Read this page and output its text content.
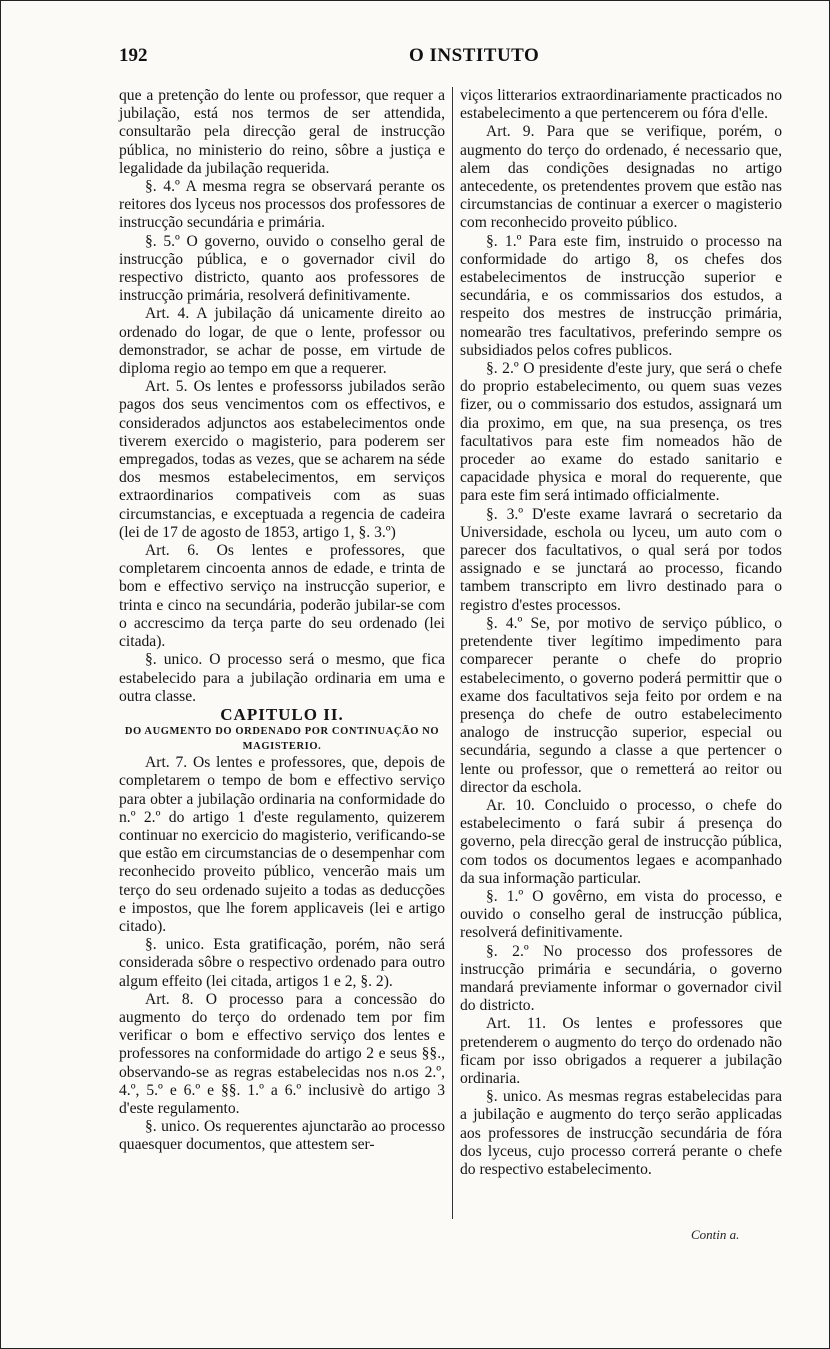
192	O INSTITUTO

que a pretenção do lente ou professor, que requer a jubilação, está nos termos de ser attendida, consultarão pela direcção geral de instrucção pública, no ministerio do reino, sôbre a justiça e legalidade da jubilação requerida.

§. 4.º A mesma regra se observará perante os reitores dos lyceus nos processos dos professores de instrucção secundária e primária.

§. 5.º O governo, ouvido o conselho geral de instrucção pública, e o governador civil do respectivo districto, quanto aos professores de instrucção primária, resolverá definitivamente.

Art. 4. A jubilação dá unicamente direito ao ordenado do logar, de que o lente, professor ou demonstrador, se achar de posse, em virtude de diploma regio ao tempo em que a requerer.

Art. 5. Os lentes e professorss jubilados serão pagos dos seus vencimentos com os effectivos, e considerados adjunctos aos estabelecimentos onde tiverem exercido o magisterio, para poderem ser empregados, todas as vezes, que se acharem na séde dos mesmos estabelecimentos, em serviços extraordinarios compativeis com as suas circumstancias, e exceptuada a regencia de cadeira (lei de 17 de agosto de 1853, artigo 1, §. 3.º)

Art. 6. Os lentes e professores, que completarem cincoenta annos de edade, e trinta de bom e effectivo serviço na instrucção superior, e trinta e cinco na secundária, poderão jubilar-se com o accrescimo da terça parte do seu ordenado (lei citada).

§. unico. O processo será o mesmo, que fica estabelecido para a jubilação ordinaria em uma e outra classe.

CAPITULO II.

DO AUGMENTO DO ORDENADO POR CONTINUAÇÃO NO MAGISTERIO.

Art. 7. Os lentes e professores, que, depois de completarem o tempo de bom e effectivo serviço para obter a jubilação ordinaria na conformidade do n.º 2.º do artigo 1 d'este regulamento, quizerem continuar no exercicio do magisterio, verificando-se que estão em circumstancias de o desempenhar com reconhecido proveito público, vencerão mais um terço do seu ordenado sujeito a todas as deducções e impostos, que lhe forem applicaveis (lei e artigo citado).

§. unico. Esta gratificação, porém, não será considerada sôbre o respectivo ordenado para outro algum effeito (lei citada, artigos 1 e 2, §. 2).

Art. 8. O processo para a concessão do augmento do terço do ordenado tem por fim verificar o bom e effectivo serviço dos lentes e professores na conformidade do artigo 2 e seus §§., observando-se as regras estabelecidas nos n.os 2.º, 4.º, 5.º e 6.º e §§. 1.º a 6.º inclusivè do artigo 3 d'este regulamento.

§. unico. Os requerentes ajunctarão ao processo quaesquer documentos, que attestem ser-

viços litterarios extraordinariamente practicados no estabelecimento a que pertencerem ou fóra d'elle.

Art. 9. Para que se verifique, porém, o augmento do terço do ordenado, é necessario que, alem das condições designadas no artigo antecedente, os pretendentes provem que estão nas circumstancias de continuar a exercer o magisterio com reconhecido proveito público.

§. 1.º Para este fim, instruido o processo na conformidade do artigo 8, os chefes dos estabelecimentos de instrucção superior e secundária, e os commissarios dos estudos, a respeito dos mestres de instrucção primária, nomearão tres facultativos, preferindo sempre os subsidiados pelos cofres publicos.

§. 2.º O presidente d'este jury, que será o chefe do proprio estabelecimento, ou quem suas vezes fizer, ou o commissario dos estudos, assignará um dia proximo, em que, na sua presença, os tres facultativos para este fim nomeados hão de proceder ao exame do estado sanitario e capacidade physica e moral do requerente, que para este fim será intimado officialmente.

§. 3.º D'este exame lavrará o secretario da Universidade, eschola ou lyceu, um auto com o parecer dos facultativos, o qual será por todos assignado e se junctará ao processo, ficando tambem transcripto em livro destinado para o registro d'estes processos.

§. 4.º Se, por motivo de serviço público, o pretendente tiver legítimo impedimento para comparecer perante o chefe do proprio estabelecimento, o governo poderá permittir que o exame dos facultativos seja feito por ordem e na presença do chefe de outro estabelecimento analogo de instrucção superior, especial ou secundária, segundo a classe a que pertencer o lente ou professor, que o remetterá ao reitor ou director da eschola.

Ar. 10. Concluido o processo, o chefe do estabelecimento o fará subir á presença do governo, pela direcção geral de instrucção pública, com todos os documentos legaes e acompanhado da sua informação particular.

§. 1.º O govêrno, em vista do processo, e ouvido o conselho geral de instrucção pública, resolverá definitivamente.

§. 2.º No processo dos professores de instrucção primária e secundária, o governo mandará previamente informar o governador civil do districto.

Art. 11. Os lentes e professores que pretenderem o augmento do terço do ordenado não ficam por isso obrigados a requerer a jubilação ordinaria.

§. unico. As mesmas regras estabelecidas para a jubilação e augmento do terço serão applicadas aos professores de instrucção secundária de fóra dos lyceus, cujo processo correrá perante o chefe do respectivo estabelecimento.

Contin a.
